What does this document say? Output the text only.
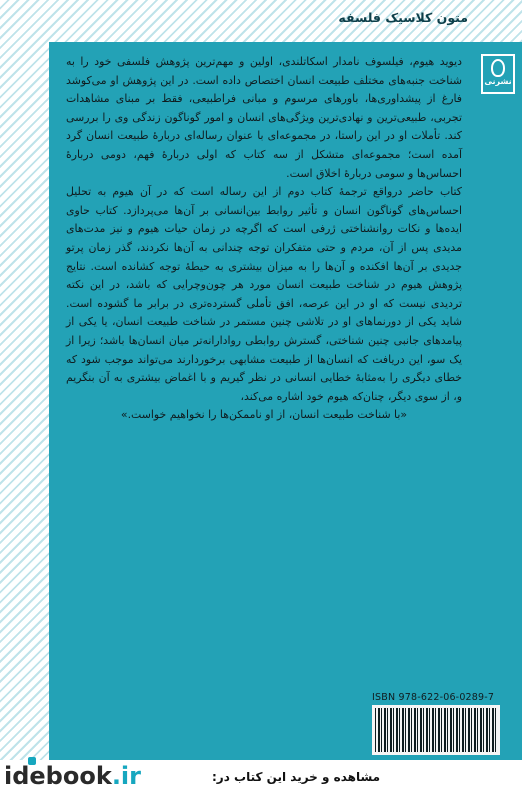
متون کلاسیک فلسفه
نشرنی

دیوید هیوم، فیلسوف نامدار اسکاتلندی، اولین و مهم‌ترین پژوهش فلسفی خود را به شناخت جنبه‌های مختلف طبیعت انسان اختصاص داده است. در این پژوهش او می‌کوشد فارغ از پیشداوری‌ها، باورهای مرسوم و مبانی فراطبیعی، فقط بر مبنای مشاهدات تجربی، طبیعی‌ترین و نهادی‌ترین ویژگی‌های انسان و امور گوناگون زندگی وی را بررسی کند. تأملات او در این راستا، در مجموعه‌ای با عنوان رساله‌ای دربارهٔ طبیعت انسان گرد آمده است؛ مجموعه‌ای متشکل از سه کتاب که اولی دربارهٔ فهم، دومی دربارهٔ احساس‌ها و سومی دربارهٔ اخلاق است.

کتاب حاضر درواقع ترجمهٔ کتاب دوم از این رساله است که در آن هیوم به تحلیل احساس‌های گوناگون انسان و تأثیر روابط بین‌انسانی بر آن‌ها می‌پردازد. کتاب حاوی ایده‌ها و نکات روانشناختی ژرفی است که اگرچه در زمان حیات هیوم و نیز مدت‌های مدیدی پس از آن، مردم و حتی متفکران توجه چندانی به آن‌ها نکردند، گذر زمان پرتو جدیدی بر آن‌ها افکنده و آن‌ها را به میزان بیشتری به حیطهٔ توجه کشانده است. نتایج پژوهش هیوم در شناخت طبیعت انسان مورد هر چون‌وچرایی که باشد، در این نکته تردیدی نیست که او در این عرصه، افق تأملی گسترده‌تری در برابر ما گشوده است. شاید یکی از دورنماهای او در تلاشی چنین مستمر در شناخت طبیعت انسان، یا یکی از پیامدهای جانبی چنین شناختی، گسترش روابطی روادارانه‌تر میان انسان‌ها باشد؛ زیرا از یک سو، این دریافت که انسان‌ها از طبیعت مشابهی برخوردارند می‌تواند موجب شود که خطای دیگری را به‌مثابهٔ خطایی انسانی در نظر گیریم و با اغماض بیشتری به آن بنگریم و، از سوی دیگر، چنان‌که هیوم خود اشاره می‌کند،

«با شناخت طبیعت انسان، از او ناممکن‌ها را نخواهیم خواست.»

ISBN 978-622-06-0289-7
idebook.ir	مشاهده و خرید این کتاب در:
